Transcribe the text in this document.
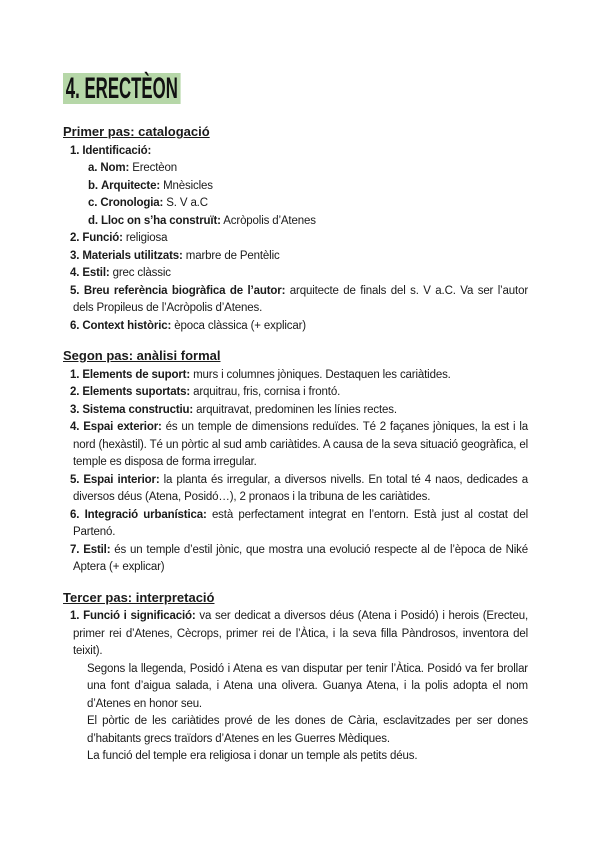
4. ERECTÈON
Primer pas: catalogació
1. Identificació:
a. Nom: Erectèon
b. Arquitecte: Mnèsicles
c. Cronologia: S. V a.C
d. Lloc on s’ha construït: Acròpolis d’Atenes
2. Funció: religiosa
3. Materials utilitzats: marbre de Pentèlic
4. Estil: grec clàssic
5. Breu referència biogràfica de l’autor: arquitecte de finals del s. V a.C. Va ser l’autor dels Propileus de l’Acròpolis d’Atenes.
6. Context històric: època clàssica (+ explicar)
Segon pas: anàlisi formal
1. Elements de suport: murs i columnes jòniques. Destaquen les cariàtides.
2. Elements suportats: arquitrau, fris, cornisa i frontó.
3. Sistema constructiu: arquitravat, predominen les línies rectes.
4. Espai exterior: és un temple de dimensions reduïdes. Té 2 façanes jòniques, la est i la nord (hexàstil). Té un pòrtic al sud amb cariàtides. A causa de la seva situació geogràfica, el temple es disposa de forma irregular.
5. Espai interior: la planta és irregular, a diversos nivells. En total té 4 naos, dedicades a diversos déus (Atena, Posidó…), 2 pronaos i la tribuna de les cariàtides.
6. Integració urbanística: està perfectament integrat en l’entorn. Està just al costat del Partenó.
7. Estil: és un temple d’estil jònic, que mostra una evolució respecte al de l’època de Niké Aptera (+ explicar)
Tercer pas: interpretació
1. Funció i significació: va ser dedicat a diversos déus (Atena i Posidó) i herois (Erecteu, primer rei d’Atenes, Cècrops, primer rei de l’Àtica, i la seva filla Pàndrosos, inventora del teixit).
Segons la llegenda, Posidó i Atena es van disputar per tenir l’Àtica. Posidó va fer brollar una font d’aigua salada, i Atena una olivera. Guanya Atena, i la polis adopta el nom d’Atenes en honor seu.
El pòrtic de les cariàtides prové de les dones de Cària, esclavitzades per ser dones d’habitants grecs traïdors d’Atenes en les Guerres Mèdiques.
La funció del temple era religiosa i donar un temple als petits déus.
